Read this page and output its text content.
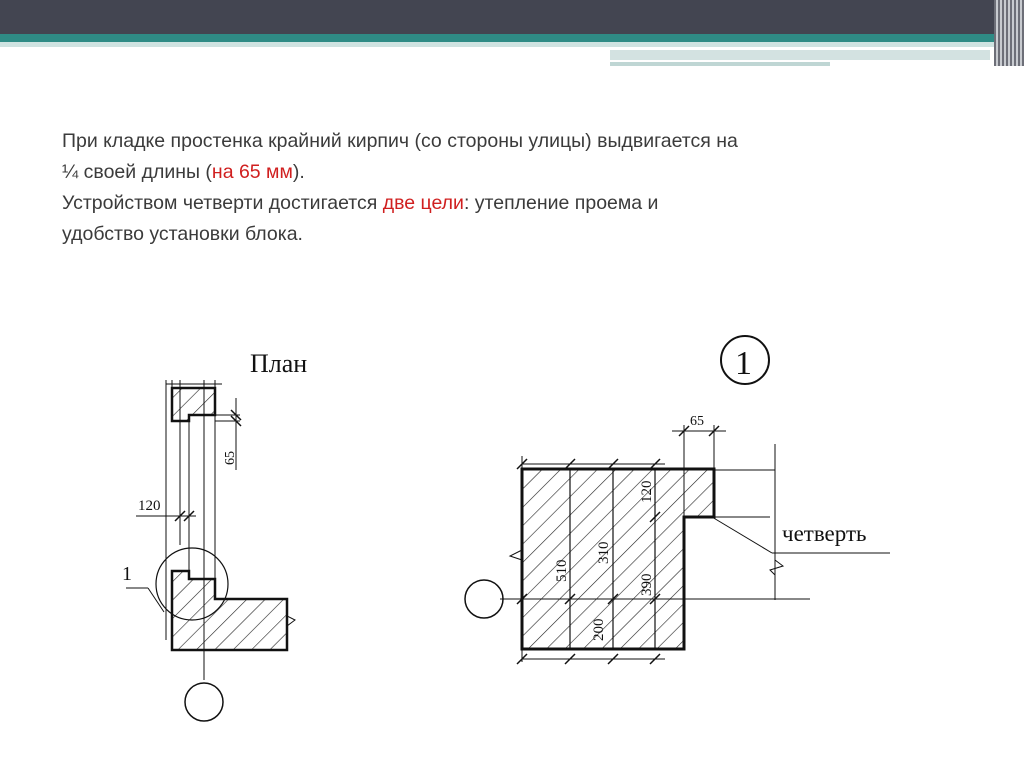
При кладке простенка крайний кирпич (со стороны улицы) выдвигается на
¼ своей длины (на 65 мм).
Устройством четверти достигается две цели: утепление проема и
удобство установки блока.
План
65
120
1
1
65
510
310
390
120
200
четверть
